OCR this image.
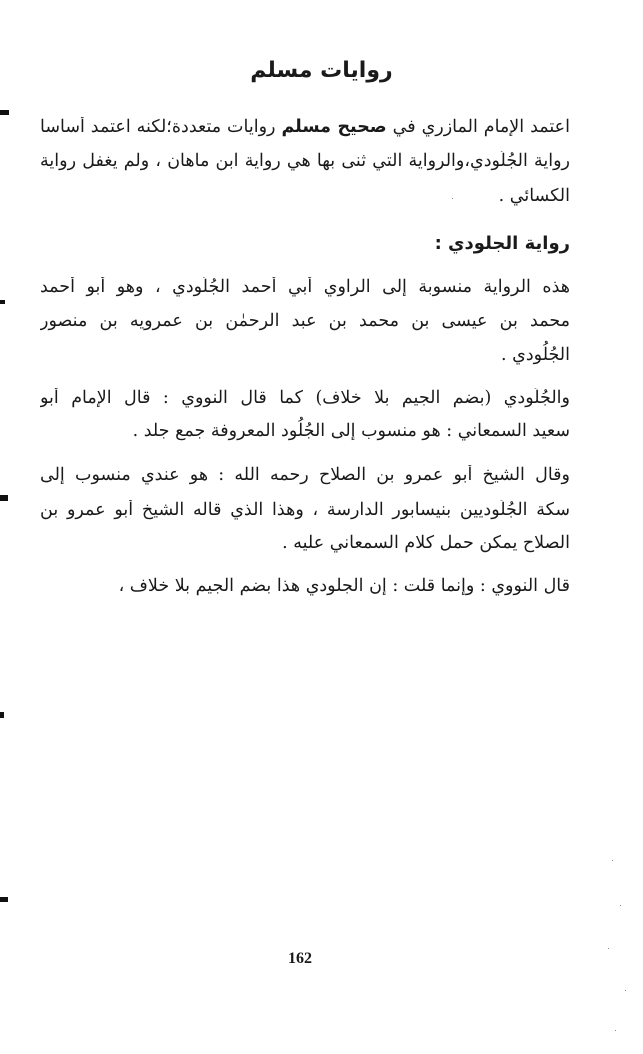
روايات مسلم
اعتمد الإمام المازري في صحيح مسلم روايات متعددة؛لكنه اعتمد أساسا
رواية الجُلُودي،والرواية التي ثنى بها هي رواية ابن ماهان ، ولم يغفل رواية
الكسائي .
رواية الجلودي :
هذه الرواية منسوبة إلى الراوي أبي أحمد الجُلُودي ، وهو أبو أحمد
محمد بن عيسى بن محمد بن عبد الرحمٰن بن عمرويه بن منصور
الجُلُودي .
والجُلُودي (بضم الجيم بلا خلاف) كما قال النووي : قال الإمام أبو
سعيد السمعاني : هو منسوب إلى الجُلُود المعروفة جمع جلد .
وقال الشيخ أبو عمرو بن الصلاح رحمه الله : هو عندي منسوب إلى
سكة الجُلُوديين بنيسابور الدارسة ، وهذا الذي قاله الشيخ أبو عمرو بن
الصلاح يمكن حمل كلام السمعاني عليه .
قال النووي : وإنما قلت : إن الجلودي هذا بضم الجيم بلا خلاف ،
162
